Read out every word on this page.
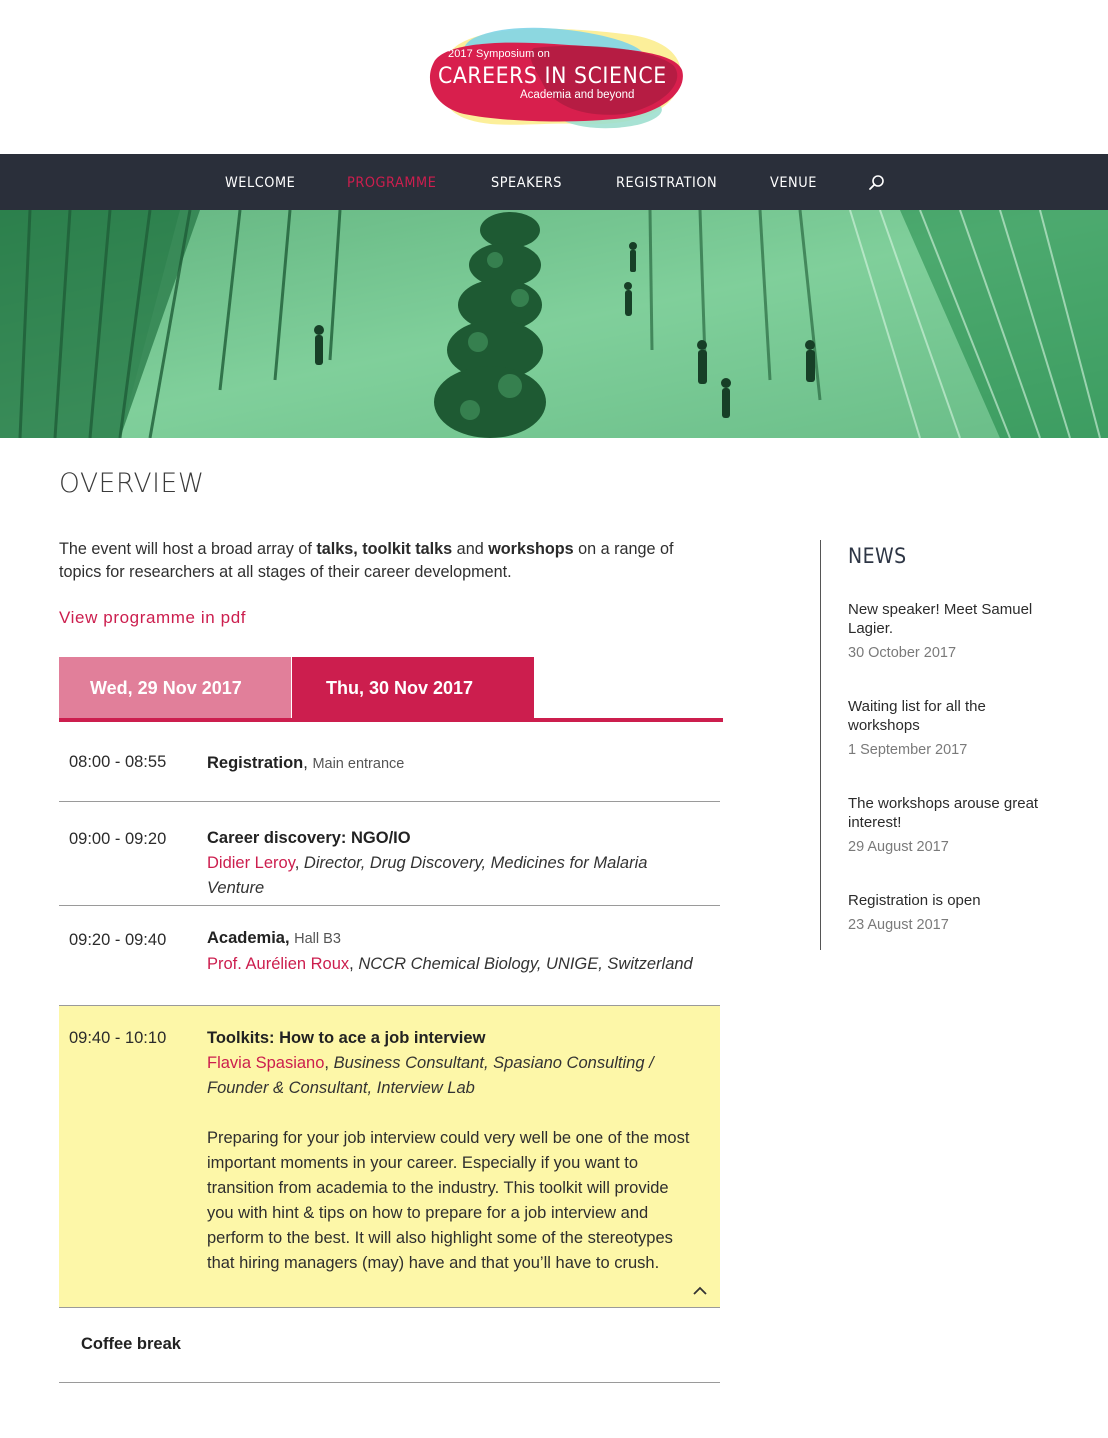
2017 Symposium on
CAREERS IN SCIENCE
Academia and beyond
WELCOME	PROGRAMME	SPEAKERS	REGISTRATION	VENUE
OVERVIEW

The event will host a broad array of talks, toolkit talks and workshops on a range of topics for researchers at all stages of their career development.

View programme in pdf
Wed, 29 Nov 2017	Thu, 30 Nov 2017
08:00 - 08:55 Registration, Main entrance
09:00 - 09:20 Career discovery: NGO/IO
Didier Leroy, Director, Drug Discovery, Medicines for Malaria Venture
09:20 - 09:40 Academia, Hall B3
Prof. Aurélien Roux, NCCR Chemical Biology, UNIGE, Switzerland
09:40 - 10:10 Toolkits: How to ace a job interview
Flavia Spasiano, Business Consultant, Spasiano Consulting / Founder & Consultant, Interview Lab
Preparing for your job interview could very well be one of the most important moments in your career. Especially if you want to transition from academia to the industry. This toolkit will provide you with hint & tips on how to prepare for a job interview and perform to the best. It will also highlight some of the stereotypes that hiring managers (may) have and that you’ll have to crush.
Coffee break
NEWS
New speaker! Meet Samuel Lagier.
30 October 2017
Waiting list for all the workshops
1 September 2017
The workshops arouse great interest!
29 August 2017
Registration is open
23 August 2017
